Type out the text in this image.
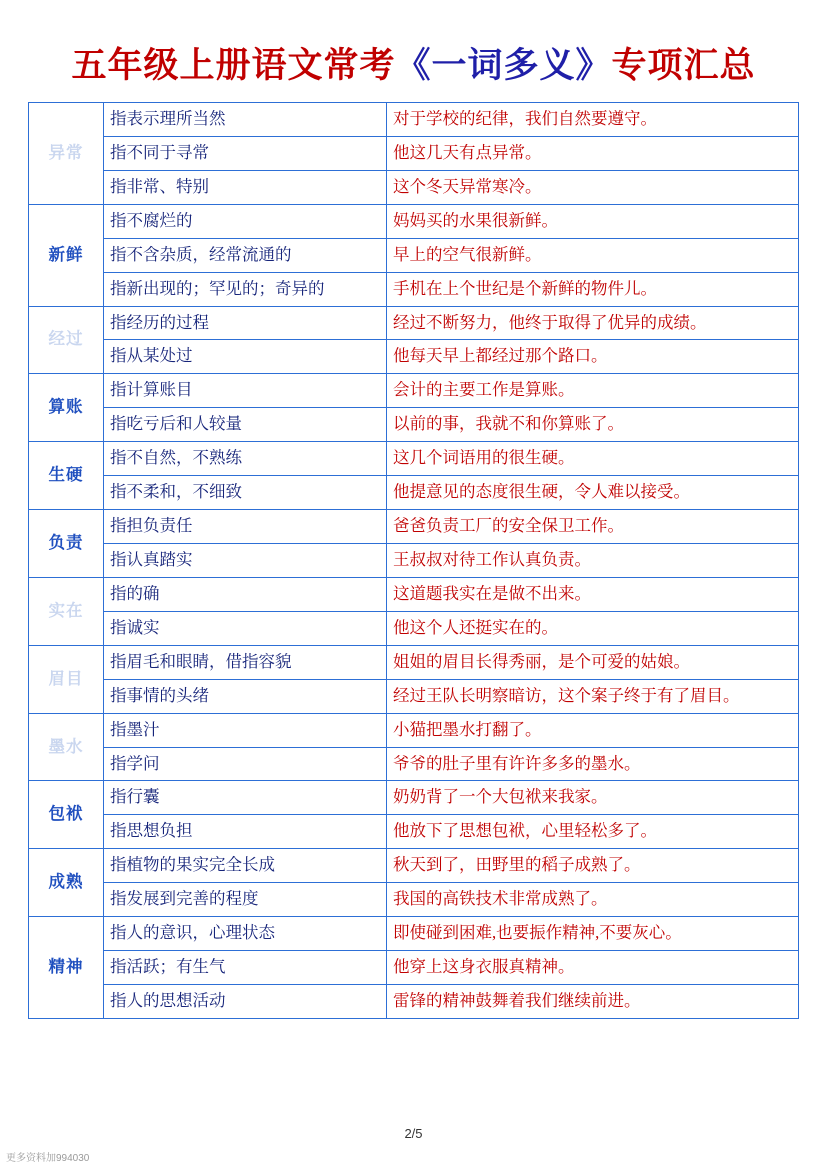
五年级上册语文常考《一词多义》专项汇总
异常	指表示理所当然	对于学校的纪律，我们自然要遵守。
	指不同于寻常	他这几天有点异常。
	指非常、特别	这个冬天异常寒冷。
新鲜	指不腐烂的	妈妈买的水果很新鲜。
	指不含杂质，经常流通的	早上的空气很新鲜。
	指新出现的；罕见的；奇异的	手机在上个世纪是个新鲜的物件儿。
经过	指经历的过程	经过不断努力，他终于取得了优异的成绩。
	指从某处过	他每天早上都经过那个路口。
算账	指计算账目	会计的主要工作是算账。
	指吃亏后和人较量	以前的事，我就不和你算账了。
生硬	指不自然，不熟练	这几个词语用的很生硬。
	指不柔和，不细致	他提意见的态度很生硬，令人难以接受。
负责	指担负责任	爸爸负责工厂的安全保卫工作。
	指认真踏实	王叔叔对待工作认真负责。
实在	指的确	这道题我实在是做不出来。
	指诚实	他这个人还挺实在的。
眉目	指眉毛和眼睛，借指容貌	姐姐的眉目长得秀丽，是个可爱的姑娘。
	指事情的头绪	经过王队长明察暗访，这个案子终于有了眉目。
墨水	指墨汁	小猫把墨水打翻了。
	指学问	爷爷的肚子里有许许多多的墨水。
包袱	指行囊	奶奶背了一个大包袱来我家。
	指思想负担	他放下了思想包袱，心里轻松多了。
成熟	指植物的果实完全长成	秋天到了，田野里的稻子成熟了。
	指发展到完善的程度	我国的高铁技术非常成熟了。
精神	指人的意识，心理状态	即使碰到困难,也要振作精神,不要灰心。
	指活跃；有生气	他穿上这身衣服真精神。
	指人的思想活动	雷锋的精神鼓舞着我们继续前进。
2/5
更多资料加994030
